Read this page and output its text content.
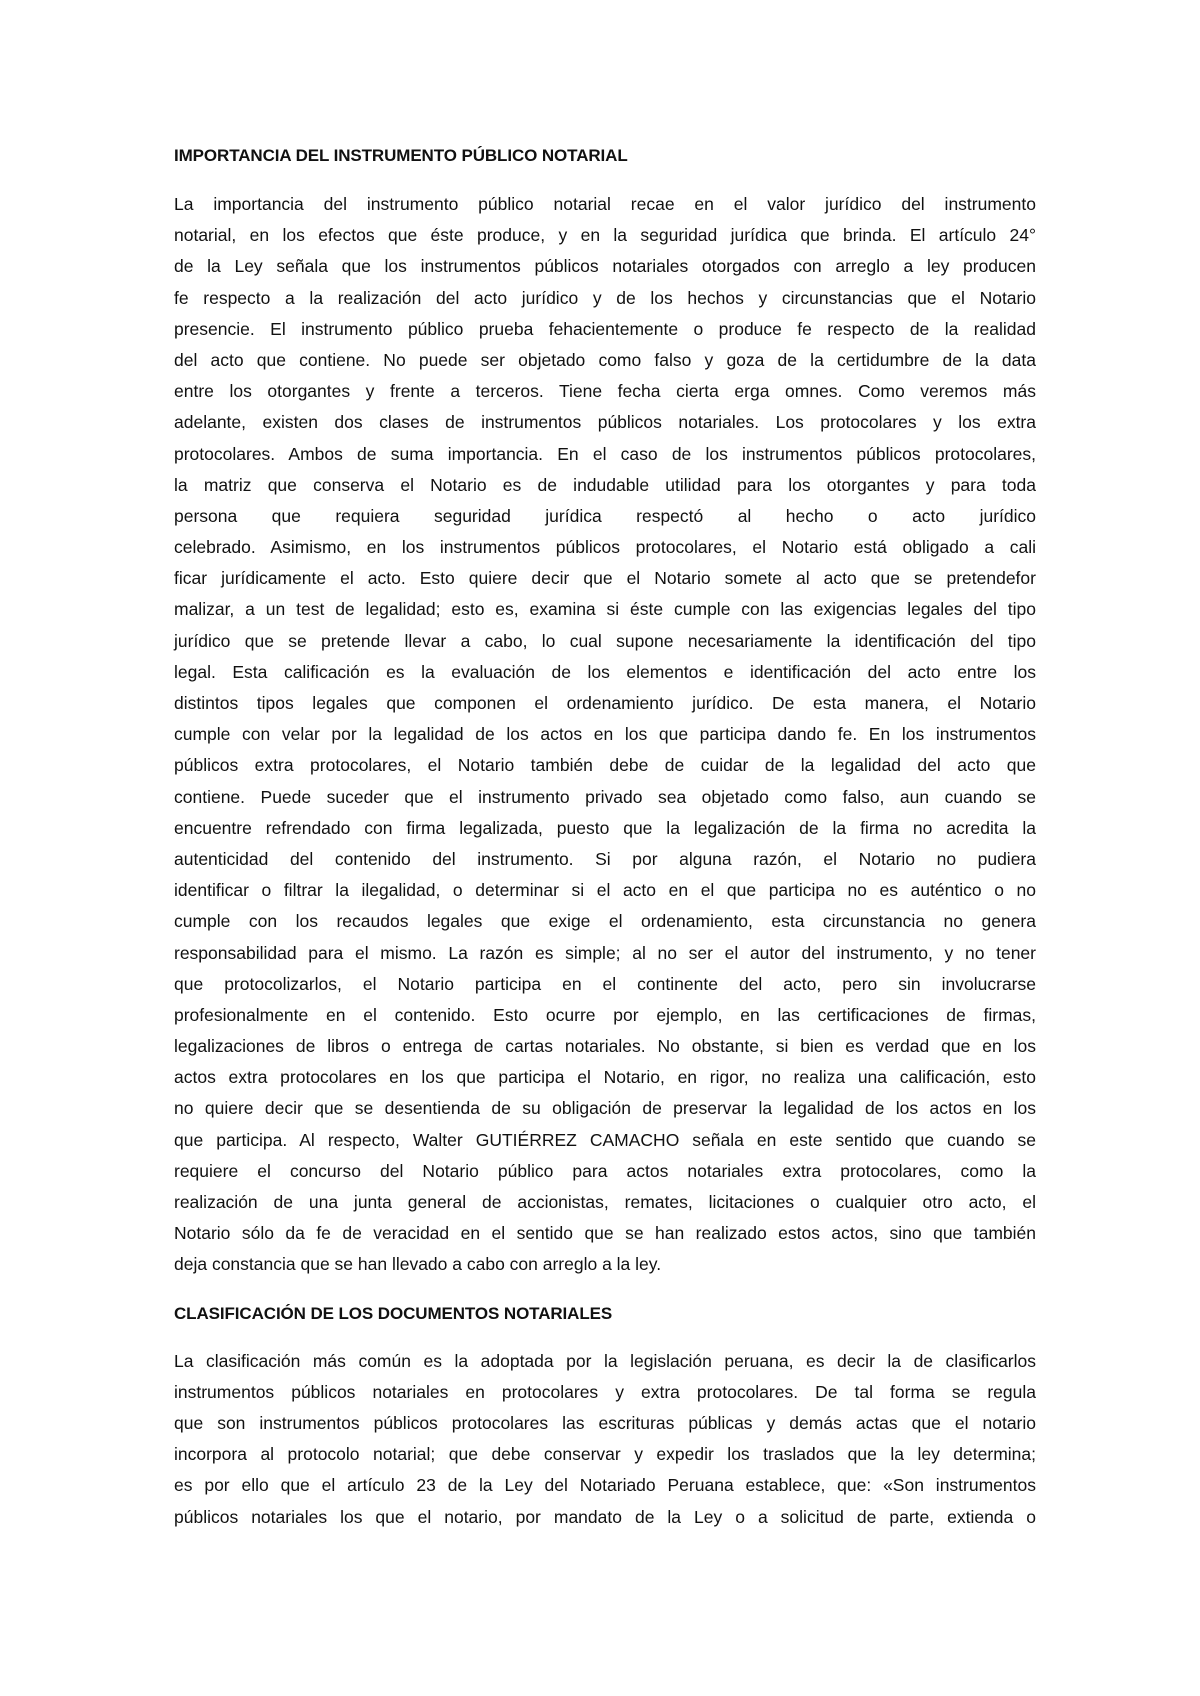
IMPORTANCIA DEL INSTRUMENTO PÚBLICO NOTARIAL
La importancia del instrumento público notarial recae en el valor jurídico del instrumento
notarial, en los efectos que éste produce, y en la seguridad jurídica que brinda. El artículo 24°
de la Ley señala que los instrumentos públicos notariales otorgados con arreglo a ley producen
fe respecto a la realización del acto jurídico y de los hechos y circunstancias que el Notario
presencie. El instrumento público prueba fehacientemente o produce fe respecto de la realidad
del acto que contiene. No puede ser objetado como falso y goza de la certidumbre de la data
entre los otorgantes y frente a terceros. Tiene fecha cierta erga omnes. Como veremos más
adelante, existen dos clases de instrumentos públicos notariales. Los protocolares y los extra
protocolares. Ambos de suma importancia. En el caso de los instrumentos públicos protocolares,
la matriz que conserva el Notario es de indudable utilidad para los otorgantes y para toda
persona que requiera seguridad jurídica respectó al hecho o acto jurídico
celebrado. Asimismo, en los instrumentos públicos protocolares, el Notario está obligado a cali
ficar jurídicamente el acto. Esto quiere decir que el Notario somete al acto que se pretendefor
malizar, a un test de legalidad; esto es, examina si éste cumple con las exigencias legales del tipo
jurídico que se pretende llevar a cabo, lo cual supone necesariamente la identificación del tipo
legal. Esta calificación es la evaluación de los elementos e identificación del acto entre los
distintos tipos legales que componen el ordenamiento jurídico. De esta manera, el Notario
cumple con velar por la legalidad de los actos en los que participa dando fe. En los instrumentos
públicos extra protocolares, el Notario también debe de cuidar de la legalidad del acto que
contiene. Puede suceder que el instrumento privado sea objetado como falso, aun cuando se
encuentre refrendado con firma legalizada, puesto que la legalización de la firma no acredita la
autenticidad del contenido del instrumento. Si por alguna razón, el Notario no pudiera
identificar o filtrar la ilegalidad, o determinar si el acto en el que participa no es auténtico o no
cumple con los recaudos legales que exige el ordenamiento, esta circunstancia no genera
responsabilidad para el mismo. La razón es simple; al no ser el autor del instrumento, y no tener
que protocolizarlos, el Notario participa en el continente del acto, pero sin involucrarse
profesionalmente en el contenido. Esto ocurre por ejemplo, en las certificaciones de firmas,
legalizaciones de libros o entrega de cartas notariales. No obstante, si bien es verdad que en los
actos extra protocolares en los que participa el Notario, en rigor, no realiza una calificación, esto
no quiere decir que se desentienda de su obligación de preservar la legalidad de los actos en los
que participa. Al respecto, Walter GUTIÉRREZ CAMACHO señala en este sentido que cuando se
requiere el concurso del Notario público para actos notariales extra protocolares, como la
realización de una junta general de accionistas, remates, licitaciones o cualquier otro acto, el
Notario sólo da fe de veracidad en el sentido que se han realizado estos actos, sino que también
deja constancia que se han llevado a cabo con arreglo a la ley.
CLASIFICACIÓN DE LOS DOCUMENTOS NOTARIALES
La clasificación más común es la adoptada por la legislación peruana, es decir la de clasificarlos
instrumentos públicos notariales en protocolares y extra protocolares. De tal forma se regula
que son instrumentos públicos protocolares las escrituras públicas y demás actas que el notario
incorpora al protocolo notarial; que debe conservar y expedir los traslados que la ley determina;
es por ello que el artículo 23 de la Ley del Notariado Peruana establece, que: «Son instrumentos
públicos notariales los que el notario, por mandato de la Ley o a solicitud de parte, extienda o
